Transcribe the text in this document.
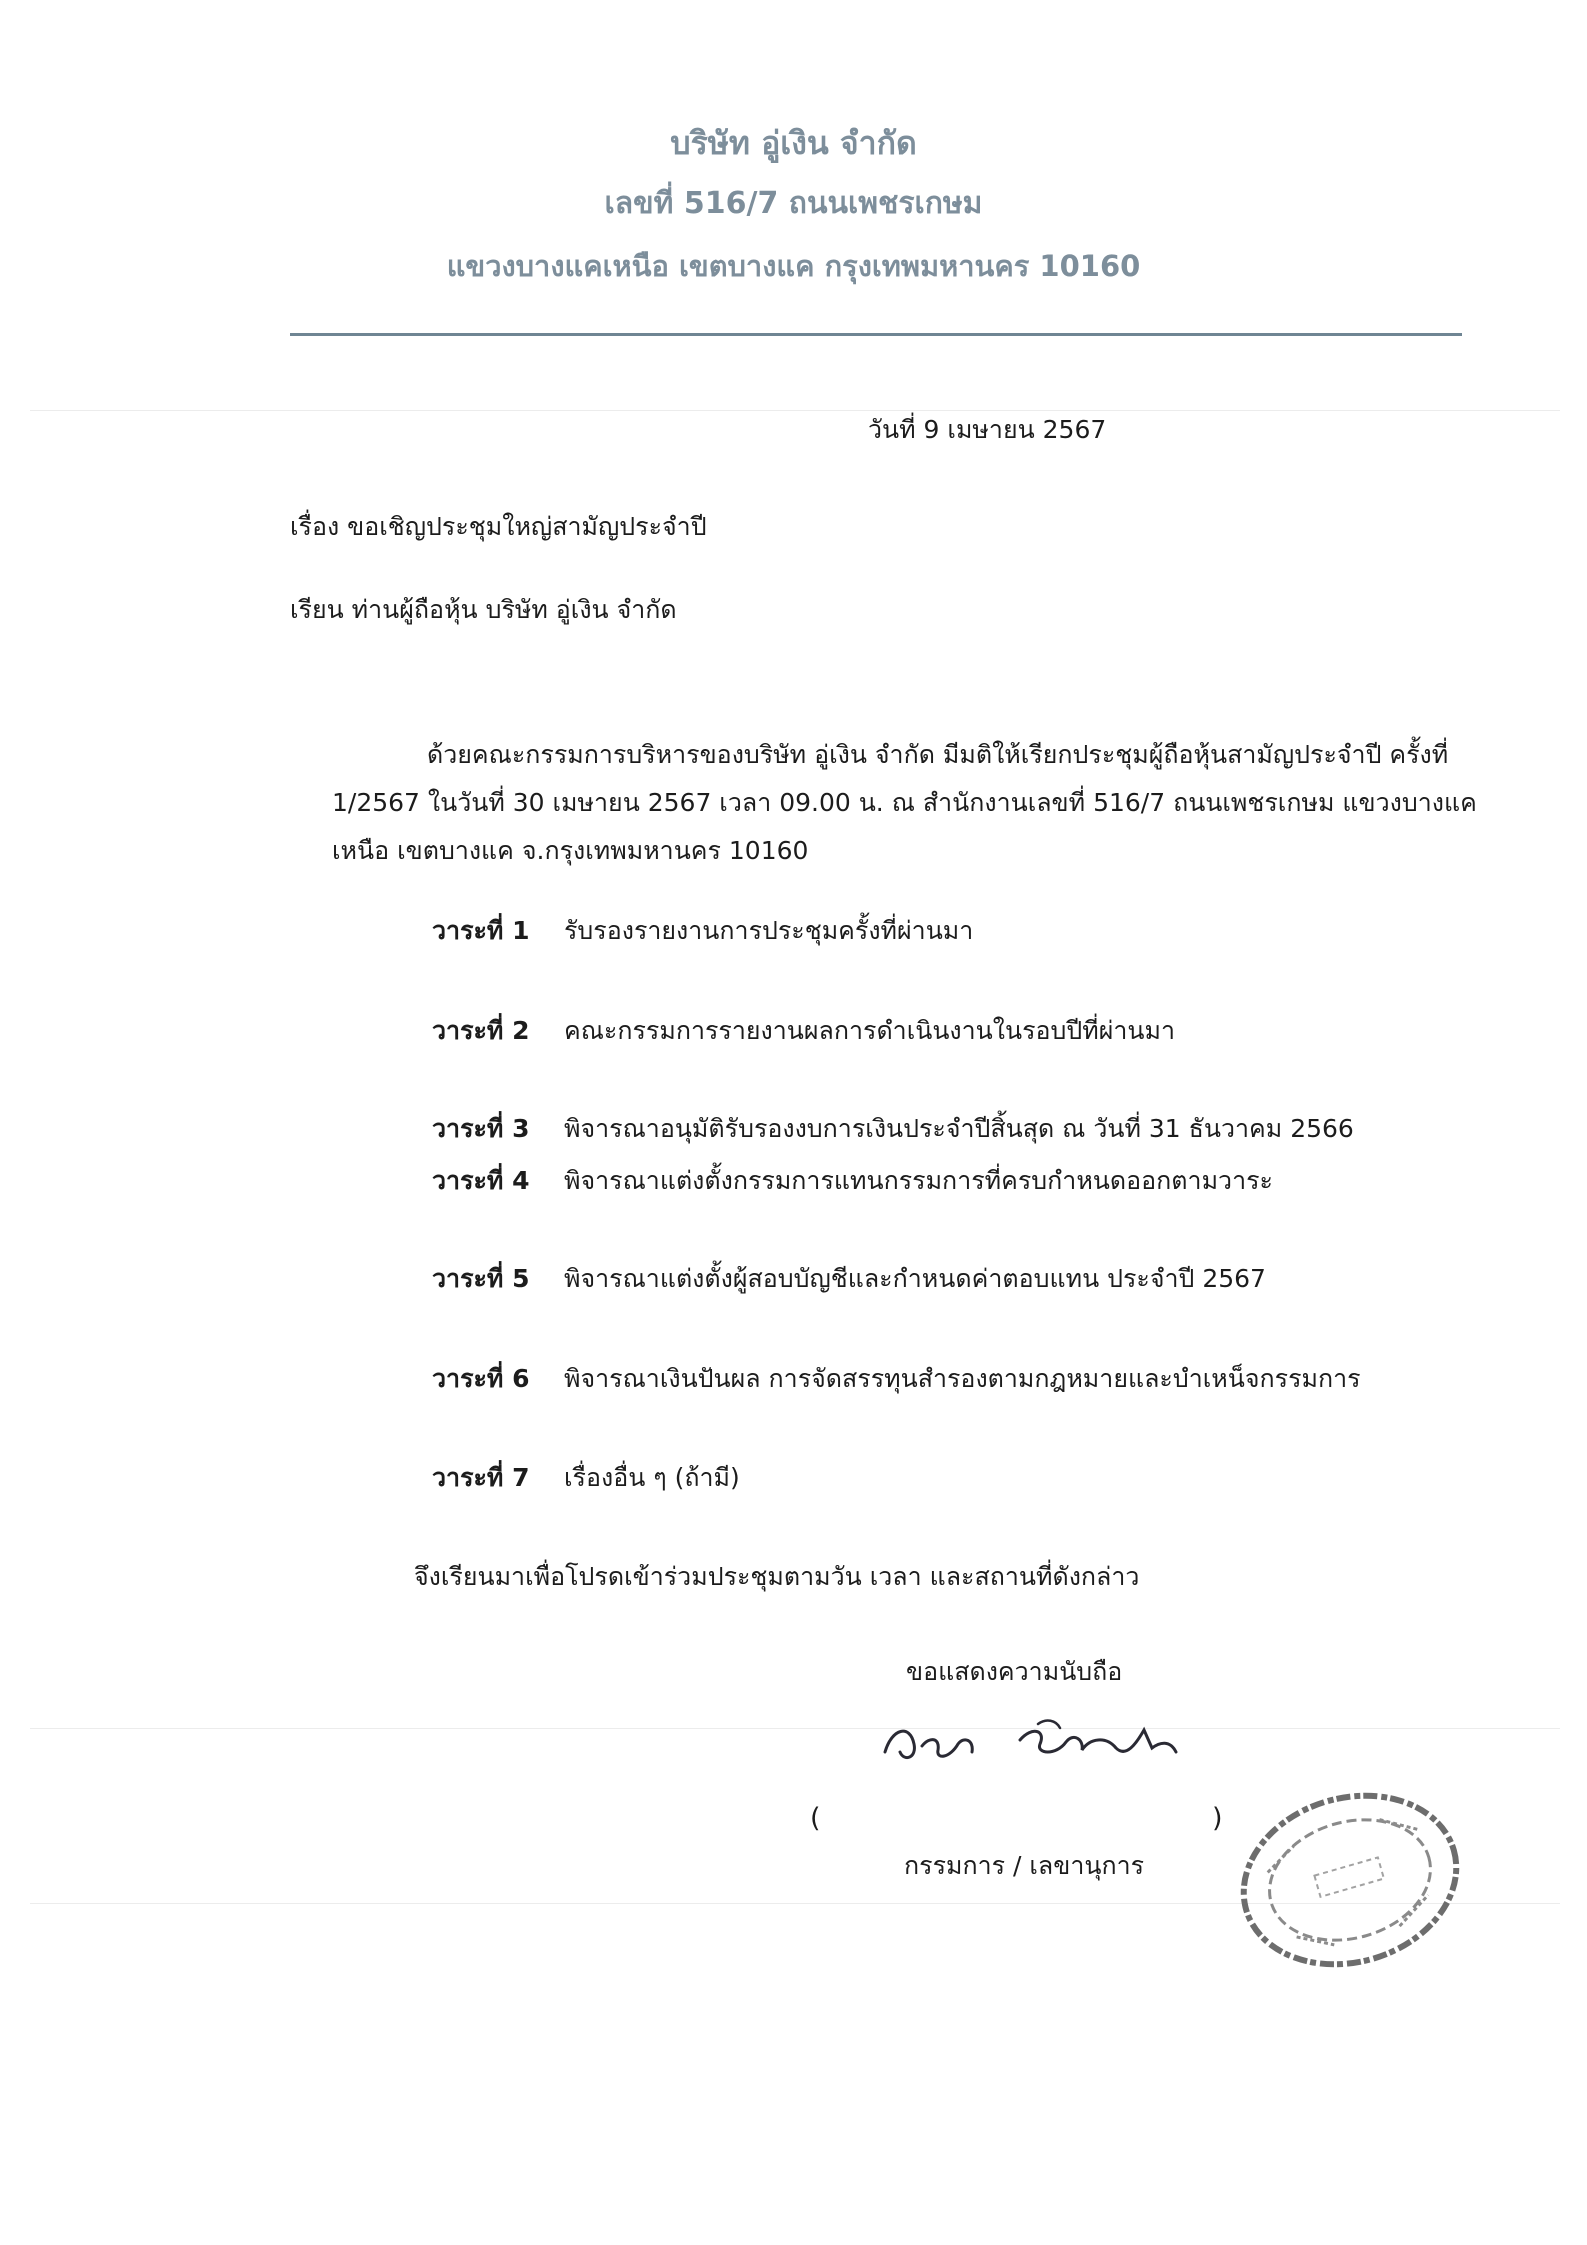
บริษัท อู่เงิน จำกัด
เลขที่ 516/7 ถนนเพชรเกษม
แขวงบางแคเหนือ เขตบางแค กรุงเทพมหานคร 10160
วันที่ 9 เมษายน 2567
เรื่อง ขอเชิญประชุมใหญ่สามัญประจำปี
เรียน ท่านผู้ถือหุ้น บริษัท อู่เงิน จำกัด
ด้วยคณะกรรมการบริหารของบริษัท อู่เงิน จำกัด มีมติให้เรียกประชุมผู้ถือหุ้นสามัญประจำปี ครั้งที่
1/2567 ในวันที่ 30 เมษายน 2567 เวลา 09.00 น. ณ สำนักงานเลขที่ 516/7 ถนนเพชรเกษม แขวงบางแค
เหนือ เขตบางแค จ.กรุงเทพมหานคร 10160
วาระที่ 1 รับรองรายงานการประชุมครั้งที่ผ่านมา
วาระที่ 2 คณะกรรมการรายงานผลการดำเนินงานในรอบปีที่ผ่านมา
วาระที่ 3 พิจารณาอนุมัติรับรองงบการเงินประจำปีสิ้นสุด ณ วันที่ 31 ธันวาคม 2566
วาระที่ 4 พิจารณาแต่งตั้งกรรมการแทนกรรมการที่ครบกำหนดออกตามวาระ
วาระที่ 5 พิจารณาแต่งตั้งผู้สอบบัญชีและกำหนดค่าตอบแทน ประจำปี 2567
วาระที่ 6 พิจารณาเงินปันผล การจัดสรรทุนสำรองตามกฎหมายและบำเหน็จกรรมการ
วาระที่ 7 เรื่องอื่น ๆ (ถ้ามี)
จึงเรียนมาเพื่อโปรดเข้าร่วมประชุมตามวัน เวลา และสถานที่ดังกล่าว
ขอแสดงความนับถือ
(	)
กรรมการ / เลขานุการ
